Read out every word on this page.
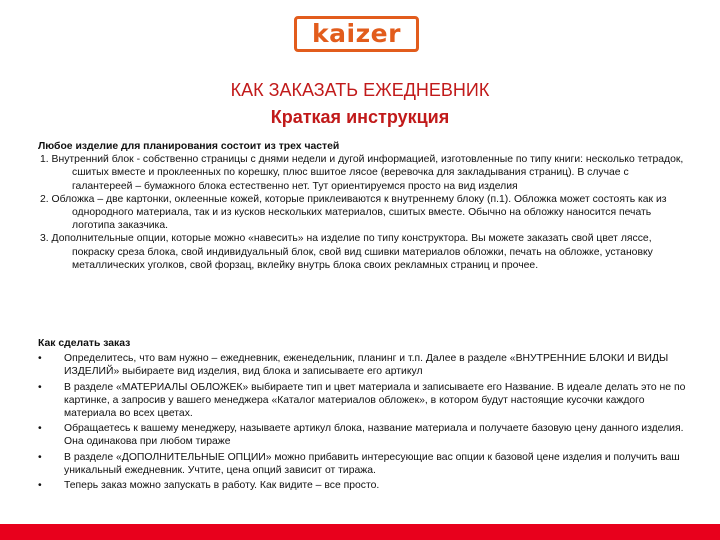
kaizer
КАК ЗАКАЗАТЬ ЕЖЕДНЕВНИК
Краткая инструкция
Любое изделие для планирования состоит из трех частей
1. Внутренний блок - собственно страницы с днями недели и дугой информацией, изготовленные по типу книги: несколько тетрадок, сшитых вместе и проклеенных по корешку, плюс вшитое лясое (веревочка для закладывания страниц). В случае с галантереей – бумажного блока естественно нет. Тут ориентируемся просто на вид изделия
2. Обложка – две картонки, оклеенные кожей, которые приклеиваются к внутреннему блоку (п.1). Обложка может состоять как из однородного материала, так и из кусков нескольких материалов, сшитых вместе. Обычно на обложку наносится печать логотипа заказчика.
3. Дополнительные опции, которые можно «навесить» на изделие по типу конструктора. Вы можете заказать свой цвет ляссе, покраску среза блока, свой индивидуальный блок, свой вид сшивки материалов обложки, печать на обложке, установку металлических уголков, свой форзац, вклейку внутрь блока своих рекламных страниц и прочее.
Как сделать заказ
• Определитесь, что вам нужно – ежедневник, еженедельник, планинг и т.п. Далее в разделе «ВНУТРЕННИЕ БЛОКИ И ВИДЫ ИЗДЕЛИЙ» выбираете вид изделия, вид блока и записываете его артикул
• В разделе «МАТЕРИАЛЫ ОБЛОЖЕК» выбираете тип и цвет материала и записываете его Название. В идеале делать это не по картинке, а запросив у вашего менеджера «Каталог материалов обложек», в котором будут настоящие кусочки каждого материала во всех цветах.
• Обращаетесь к вашему менеджеру, называете артикул блока, название материала и получаете базовую цену данного изделия. Она одинакова при любом тираже
• В разделе «ДОПОЛНИТЕЛЬНЫЕ ОПЦИИ» можно прибавить интересующие вас опции к базовой цене изделия и получить ваш уникальный ежедневник. Учтите, цена опций зависит от тиража.
• Теперь заказ можно запускать в работу. Как видите – все просто.
